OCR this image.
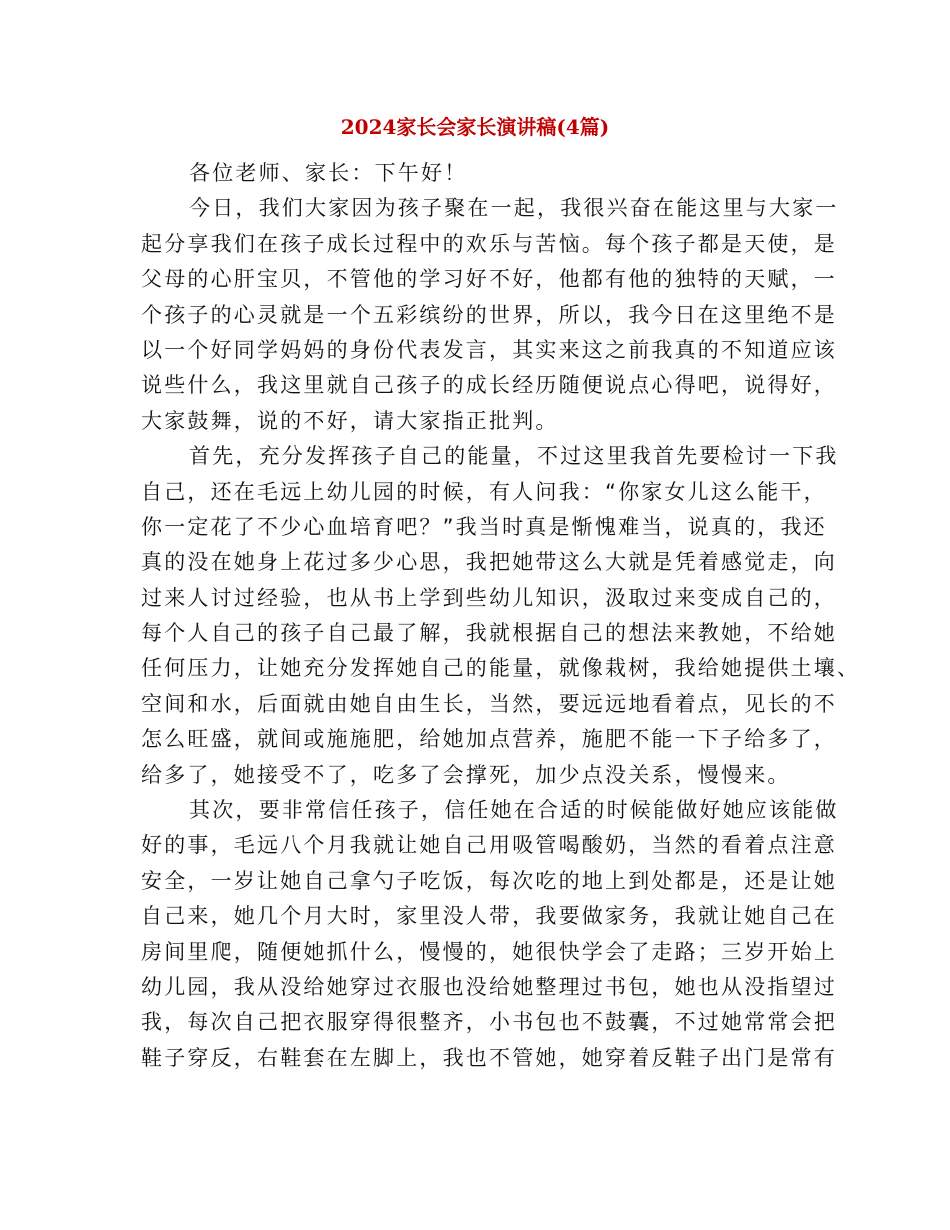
2024家长会家长演讲稿(4篇)
各位老师、家长：下午好！
今日，我们大家因为孩子聚在一起，我很兴奋在能这里与大家一
起分享我们在孩子成长过程中的欢乐与苦恼。每个孩子都是天使，是
父母的心肝宝贝，不管他的学习好不好，他都有他的独特的天赋，一
个孩子的心灵就是一个五彩缤纷的世界，所以，我今日在这里绝不是
以一个好同学妈妈的身份代表发言，其实来这之前我真的不知道应该
说些什么，我这里就自己孩子的成长经历随便说点心得吧，说得好，
大家鼓舞，说的不好，请大家指正批判。
首先，充分发挥孩子自己的能量，不过这里我首先要检讨一下我
自己，还在毛远上幼儿园的时候，有人问我：“你家女儿这么能干，
你一定花了不少心血培育吧？”我当时真是惭愧难当，说真的，我还
真的没在她身上花过多少心思，我把她带这么大就是凭着感觉走，向
过来人讨过经验，也从书上学到些幼儿知识，汲取过来变成自己的，
每个人自己的孩子自己最了解，我就根据自己的想法来教她，不给她
任何压力，让她充分发挥她自己的能量，就像栽树，我给她提供土壤、
空间和水，后面就由她自由生长，当然，要远远地看着点，见长的不
怎么旺盛，就间或施施肥，给她加点营养，施肥不能一下子给多了，
给多了，她接受不了，吃多了会撑死，加少点没关系，慢慢来。
其次，要非常信任孩子，信任她在合适的时候能做好她应该能做
好的事，毛远八个月我就让她自己用吸管喝酸奶，当然的看着点注意
安全，一岁让她自己拿勺子吃饭，每次吃的地上到处都是，还是让她
自己来，她几个月大时，家里没人带，我要做家务，我就让她自己在
房间里爬，随便她抓什么，慢慢的，她很快学会了走路；三岁开始上
幼儿园，我从没给她穿过衣服也没给她整理过书包，她也从没指望过
我，每次自己把衣服穿得很整齐，小书包也不鼓囊，不过她常常会把
鞋子穿反，右鞋套在左脚上，我也不管她，她穿着反鞋子出门是常有
